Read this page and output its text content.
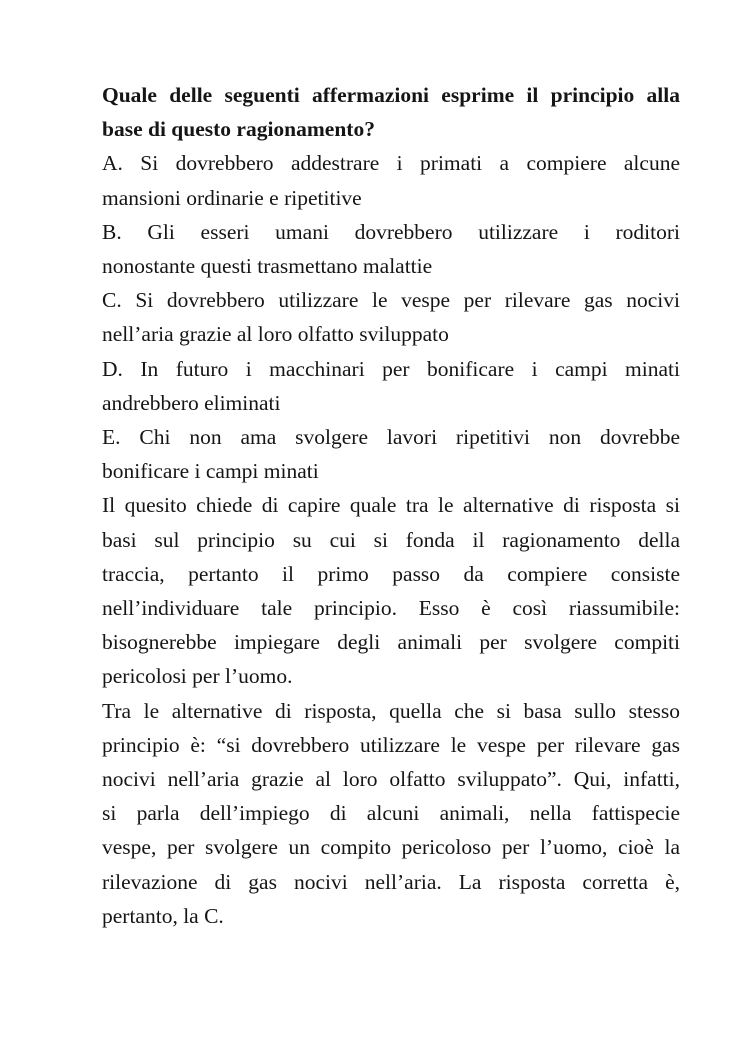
Quale delle seguenti affermazioni esprime il principio alla
base di questo ragionamento?
A. Si dovrebbero addestrare i primati a compiere alcune
mansioni ordinarie e ripetitive
B. Gli esseri umani dovrebbero utilizzare i roditori
nonostante questi trasmettano malattie
C. Si dovrebbero utilizzare le vespe per rilevare gas nocivi
nell’aria grazie al loro olfatto sviluppato
D. In futuro i macchinari per bonificare i campi minati
andrebbero eliminati
E. Chi non ama svolgere lavori ripetitivi non dovrebbe
bonificare i campi minati
Il quesito chiede di capire quale tra le alternative di risposta si
basi sul principio su cui si fonda il ragionamento della
traccia, pertanto il primo passo da compiere consiste
nell’individuare tale principio. Esso è così riassumibile:
bisognerebbe impiegare degli animali per svolgere compiti
pericolosi per l’uomo.
Tra le alternative di risposta, quella che si basa sullo stesso
principio è: “si dovrebbero utilizzare le vespe per rilevare gas
nocivi nell’aria grazie al loro olfatto sviluppato”. Qui, infatti,
si parla dell’impiego di alcuni animali, nella fattispecie
vespe, per svolgere un compito pericoloso per l’uomo, cioè la
rilevazione di gas nocivi nell’aria. La risposta corretta è,
pertanto, la C.
